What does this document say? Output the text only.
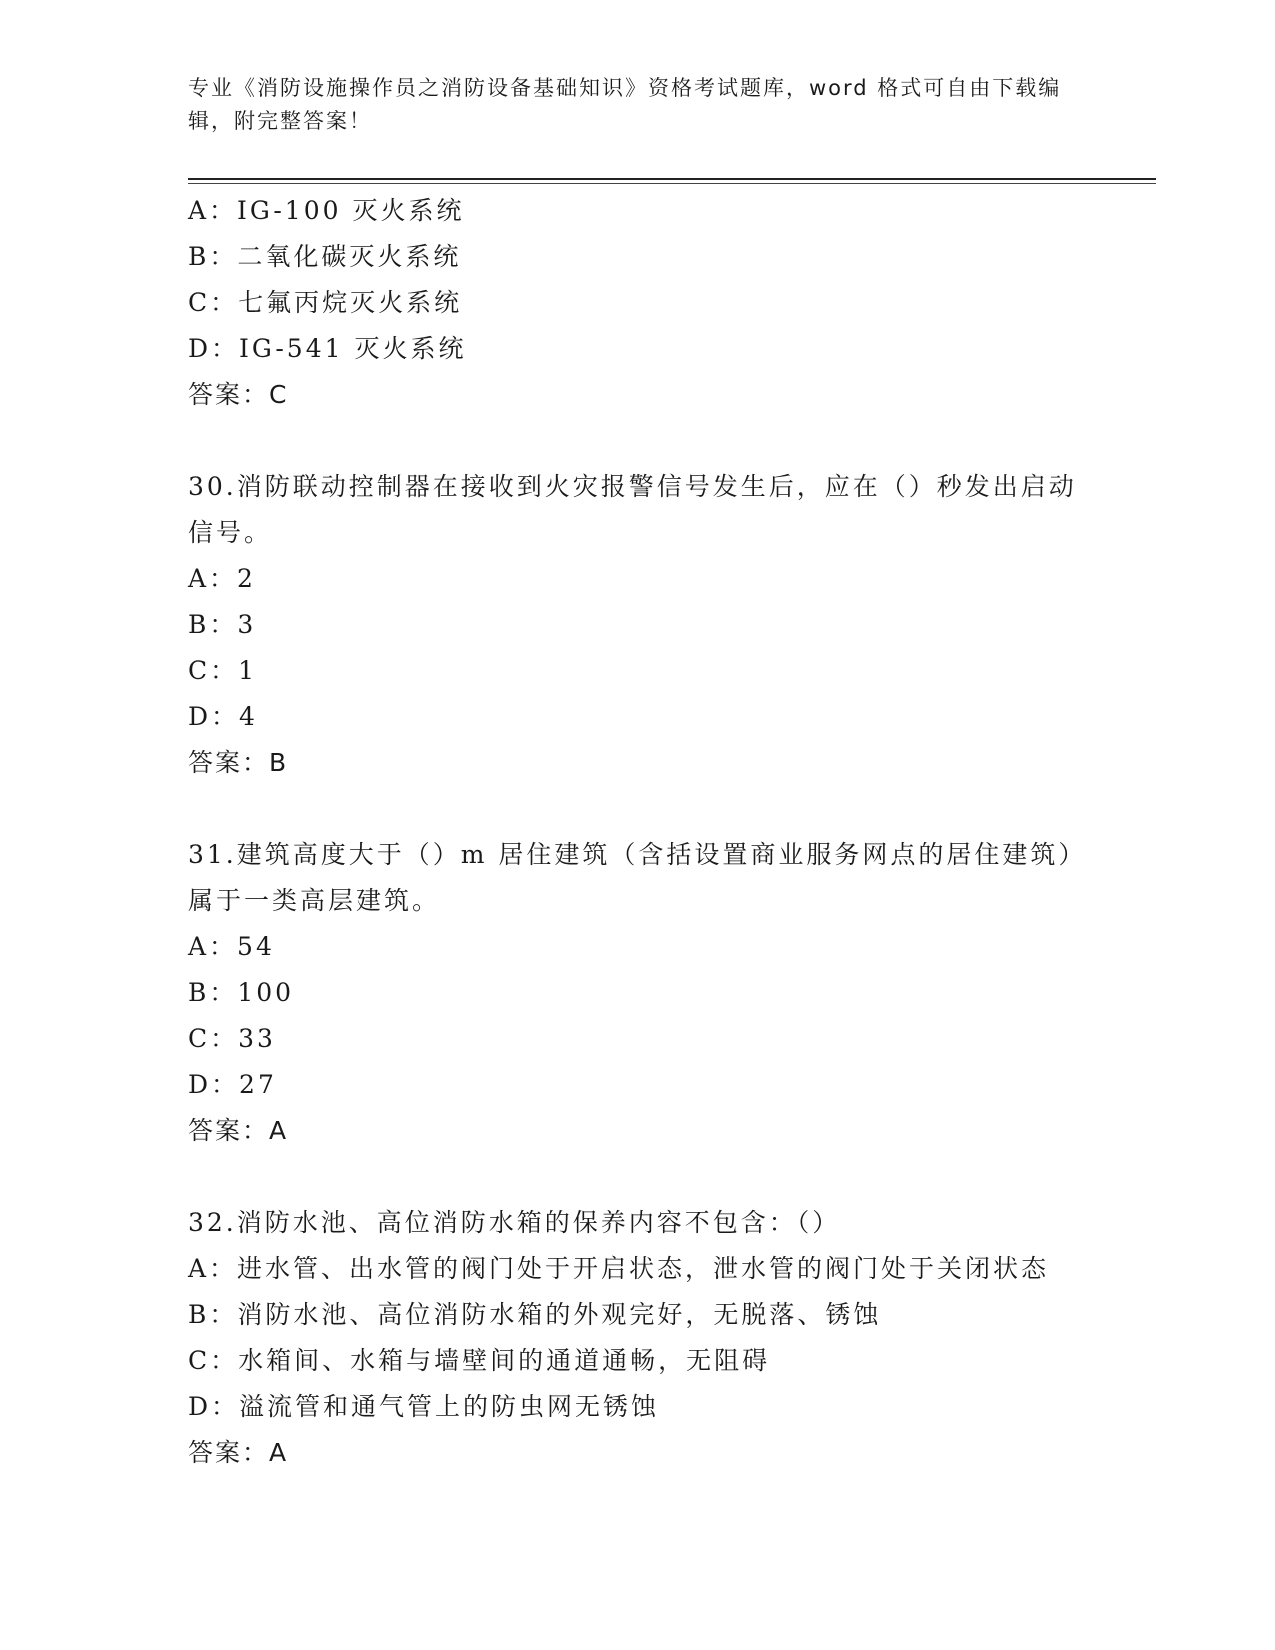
专业《消防设施操作员之消防设备基础知识》资格考试题库，word 格式可自由下载编辑，附完整答案！
A：IG-100 灭火系统
B：二氧化碳灭火系统
C：七氟丙烷灭火系统
D：IG-541 灭火系统
答案：C
30.消防联动控制器在接收到火灾报警信号发生后，应在（）秒发出启动信号。
A：2
B：3
C：1
D：4
答案：B
31.建筑高度大于（）m 居住建筑（含括设置商业服务网点的居住建筑）属于一类高层建筑。
A：54
B：100
C：33
D：27
答案：A
32.消防水池、高位消防水箱的保养内容不包含：（）
A：进水管、出水管的阀门处于开启状态，泄水管的阀门处于关闭状态
B：消防水池、高位消防水箱的外观完好，无脱落、锈蚀
C：水箱间、水箱与墙壁间的通道通畅，无阻碍
D：溢流管和通气管上的防虫网无锈蚀
答案：A
